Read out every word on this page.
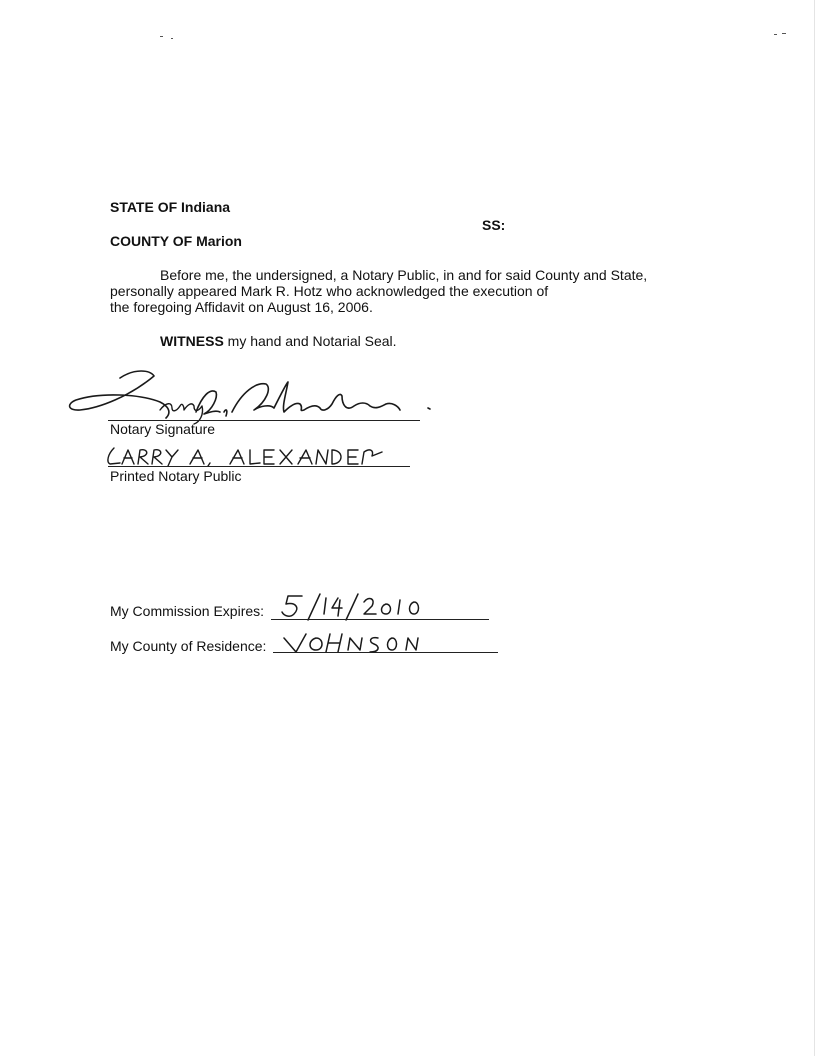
STATE OF Indiana
SS:
COUNTY OF Marion
Before me, the undersigned, a Notary Public, in and for said County and State,
personally appeared Mark R. Hotz who acknowledged the execution of
the foregoing Affidavit on August 16, 2006.
WITNESS my hand and Notarial Seal.
Notary Signature
Printed Notary Public
My Commission Expires:
My County of Residence:
